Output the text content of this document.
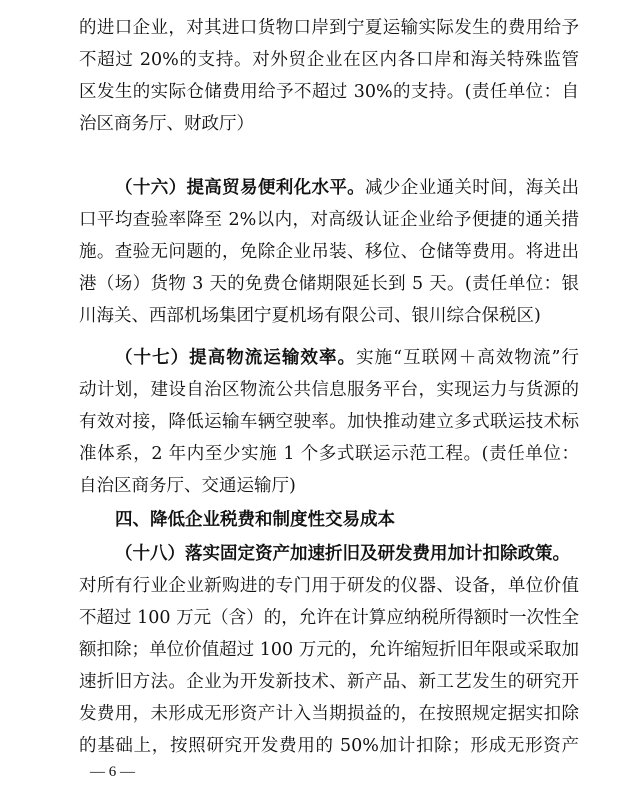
的进口企业，对其进口货物口岸到宁夏运输实际发生的费用给予
不超过 20%的支持。对外贸企业在区内各口岸和海关特殊监管
区发生的实际仓储费用给予不超过 30%的支持。(责任单位：自
治区商务厅、财政厅）
（十六）提高贸易便利化水平。减少企业通关时间，海关出
口平均查验率降至 2%以内，对高级认证企业给予便捷的通关措
施。查验无问题的，免除企业吊装、移位、仓储等费用。将进出
港（场）货物 3 天的免费仓储期限延长到 5 天。(责任单位：银
川海关、西部机场集团宁夏机场有限公司、银川综合保税区)
（十七）提高物流运输效率。实施“互联网＋高效物流”行
动计划，建设自治区物流公共信息服务平台，实现运力与货源的
有效对接，降低运输车辆空驶率。加快推动建立多式联运技术标
准体系，2 年内至少实施 1 个多式联运示范工程。(责任单位：
自治区商务厅、交通运输厅)
四、降低企业税费和制度性交易成本
（十八）落实固定资产加速折旧及研发费用加计扣除政策。
对所有行业企业新购进的专门用于研发的仪器、设备，单位价值
不超过 100 万元（含）的，允许在计算应纳税所得额时一次性全
额扣除；单位价值超过 100 万元的，允许缩短折旧年限或采取加
速折旧方法。企业为开发新技术、新产品、新工艺发生的研究开
发费用，未形成无形资产计入当期损益的，在按照规定据实扣除
的基础上，按照研究开发费用的 50%加计扣除；形成无形资产
— 6 —
